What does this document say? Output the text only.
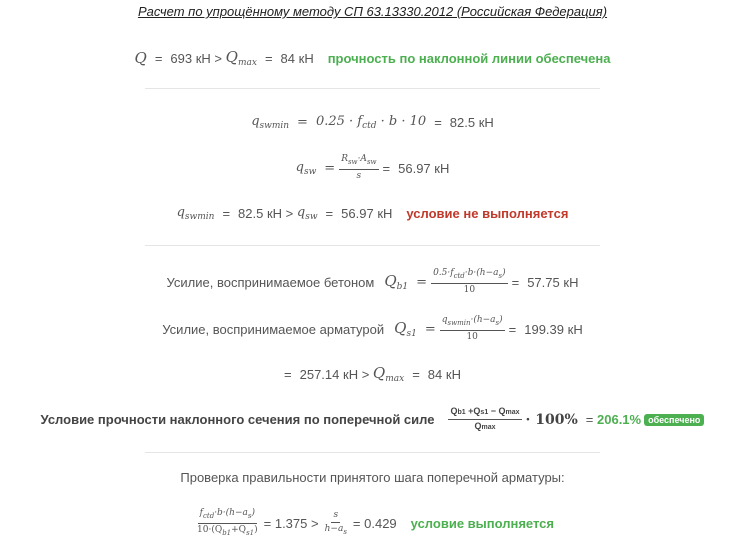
Расчет по упрощённому методу СП 63.13330.2012 (Российская Федерация)
Q = 693
кН > $Q_{max} = 84$
кН прочность по наклонной линии обеспечена
$q_{swmin} = 0.25 \cdot f_{ctd} \cdot b \cdot 10 = 82.5$
кН
$q_{sw} = \frac{R_{sw}\cdot A_{sw}}{s} = 56.97$
кН
$q_{swmin} = 82.5$
кН > $q_{sw} = 56.97$
кН условие не выполняется
Усилие, воспринимаемое бетоном $Q_{b1} = \frac{0.5\cdot f_{ctd}\cdot b\cdot(h-a_s)}{10} = 57.75$
кН
Усилие, воспринимаемое арматурой $Q_{s1} = \frac{q_{swmin}\cdot(h-a_s)}{10} = 199.39$
кН
= 257.14
кН > $Q_{max} = 84$
кН
Условие прочности наклонного сечения по поперечной силе $\frac{Qb1 +Qs1 - Qmax}{Qmax} \cdot 100\%$ =
206.1% обеспечено
Проверка правильности принятого шага поперечной арматуры:
$\frac{f_{ctd}\cdot b\cdot(h-a_s)}{10\cdot(Q_{b1}+Q_{s1})}$ =
$1.375 > \frac{s}{h-a_s}$ =
0.429 условие выполняется
